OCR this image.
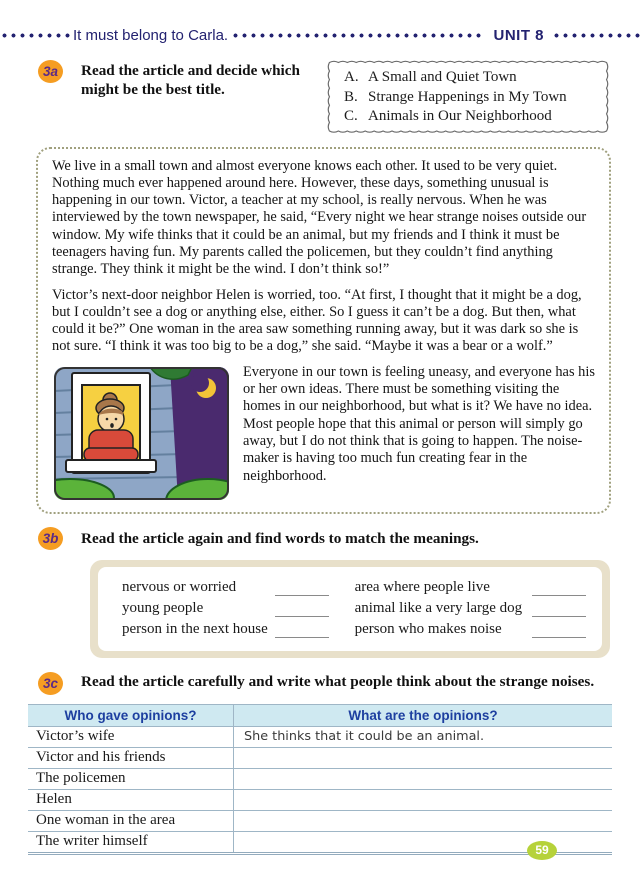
It must belong to Carla.	UNIT 8
3a	Read the article and decide which might be the best title.
A. A Small and Quiet Town
B. Strange Happenings in My Town
C. Animals in Our Neighborhood

We live in a small town and almost everyone knows each other. It used to be very quiet. Nothing much ever happened around here. However, these days, something unusual is happening in our town. Victor, a teacher at my school, is really nervous. When he was interviewed by the town newspaper, he said, “Every night we hear strange noises outside our window. My wife thinks that it could be an animal, but my friends and I think it must be teenagers having fun. My parents called the policemen, but they couldn’t find anything strange. They think it might be the wind. I don’t think so!”

Victor’s next-door neighbor Helen is worried, too. “At first, I thought that it might be a dog, but I couldn’t see a dog or anything else, either. So I guess it can’t be a dog. But then, what could it be?” One woman in the area saw something running away, but it was dark so she is not sure. “I think it was too big to be a dog,” she said. “Maybe it was a bear or a wolf.”

Everyone in our town is feeling uneasy, and everyone has his or her own ideas. There must be something visiting the homes in our neighborhood, but what is it? We have no idea. Most people hope that this animal or person will simply go away, but I do not think that is going to happen. The noise-maker is having too much fun creating fear in the neighborhood.

3b	Read the article again and find words to match the meanings.
nervous or worried	area where people live
young people	animal like a very large dog
person in the next house	person who makes noise
3c	Read the article carefully and write what people think about the strange noises.
Who gave opinions?	What are the opinions?
Victor’s wife	She thinks that it could be an animal.
Victor and his friends
The policemen
Helen
One woman in the area
The writer himself
59
